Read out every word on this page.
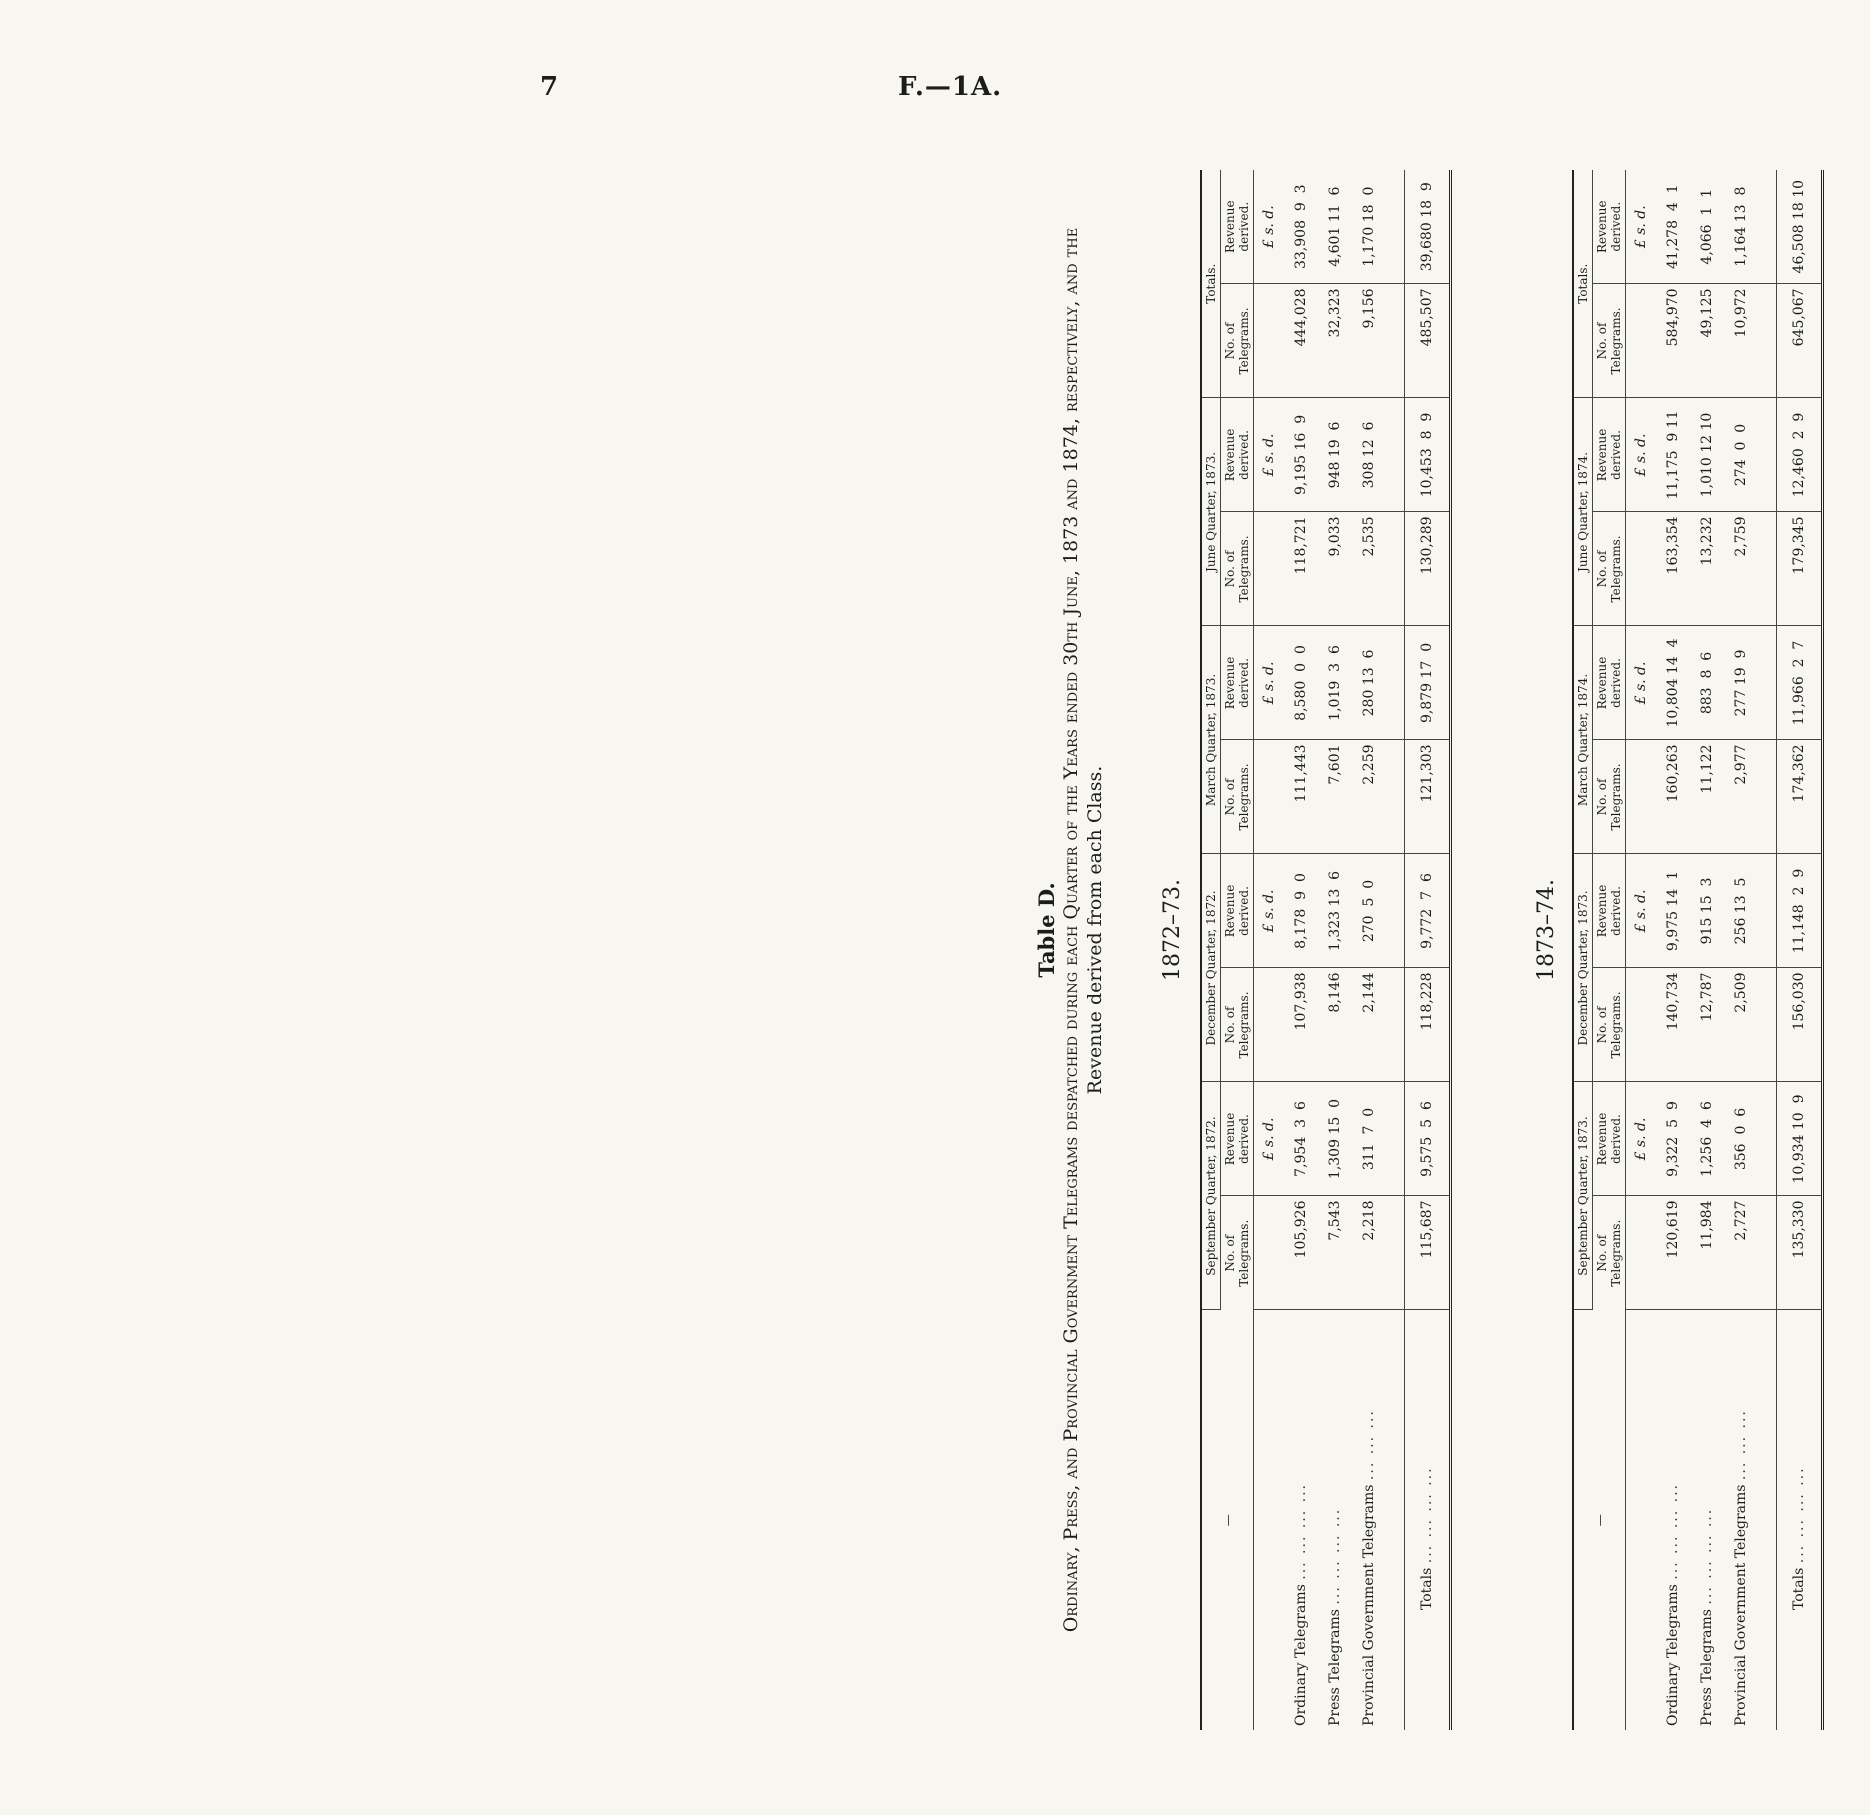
7	F.—1A.
Table D. Ordinary, Press, and Provincial Government Telegrams despatched during each Quarter of the Years ended 30th June, 1873 and 1874, respectively, and the Revenue derived from each Class. 1872–73.	1873–74.
—	September Quarter, 1872.		December Quarter, 1872.		March Quarter, 1873.		June Quarter, 1873.		Totals.	
	No. of Telegrams.	Revenue derived.	No. of Telegrams.	Revenue derived.	No. of Telegrams.	Revenue derived.	No. of Telegrams.	Revenue derived.	No. of Telegrams.	Revenue derived.
		£ s. d.		£ s. d.		£ s. d.		£ s. d.		£ s. d.
Ordinary Telegrams ... ... ... ...	105,926	7,954  3  6	107,938	8,178  9  0	111,443	8,580  0  0	118,721	9,195 16  9	444,028	33,908  9  3
Press Telegrams ... ... ... ...	7,543	1,309 15  0	8,146	1,323 13  6	7,601	1,019  3  6	9,033	948 19  6	32,323	4,601 11  6
Provincial Government Telegrams ... ... ...	2,218	311  7  0	2,144	270  5  0	2,259	280 13  6	2,535	308 12  6	9,156	1,170 18  0

Totals ... ... ... ...	115,687	9,575  5  6	118,228	9,772  7  6	121,303	9,879 17  0	130,289	10,453  8  9	485,507	39,680 18  9
—	September Quarter, 1873.		December Quarter, 1873.		March Quarter, 1874.		June Quarter, 1874.		Totals.	
	No. of Telegrams.	Revenue derived.	No. of Telegrams.	Revenue derived.	No. of Telegrams.	Revenue derived.	No. of Telegrams.	Revenue derived.	No. of Telegrams.	Revenue derived.
		£ s. d.		£ s. d.		£ s. d.		£ s. d.		£ s. d.
Ordinary Telegrams ... ... ... ...	120,619	9,322  5  9	140,734	9,975 14  1	160,263	10,804 14  4	163,354	11,175  9 11	584,970	41,278  4  1
Press Telegrams ... ... ... ...	11,984	1,256  4  6	12,787	915 15  3	11,122	883  8  6	13,232	1,010 12 10	49,125	4,066  1  1
Provincial Government Telegrams ... ... ...	2,727	356  0  6	2,509	256 13  5	2,977	277 19  9	2,759	274  0  0	10,972	1,164 13  8

Totals ... ... ... ...	135,330	10,934 10  9	156,030	11,148  2  9	174,362	11,966  2  7	179,345	12,460  2  9	645,067	46,508 18 10
